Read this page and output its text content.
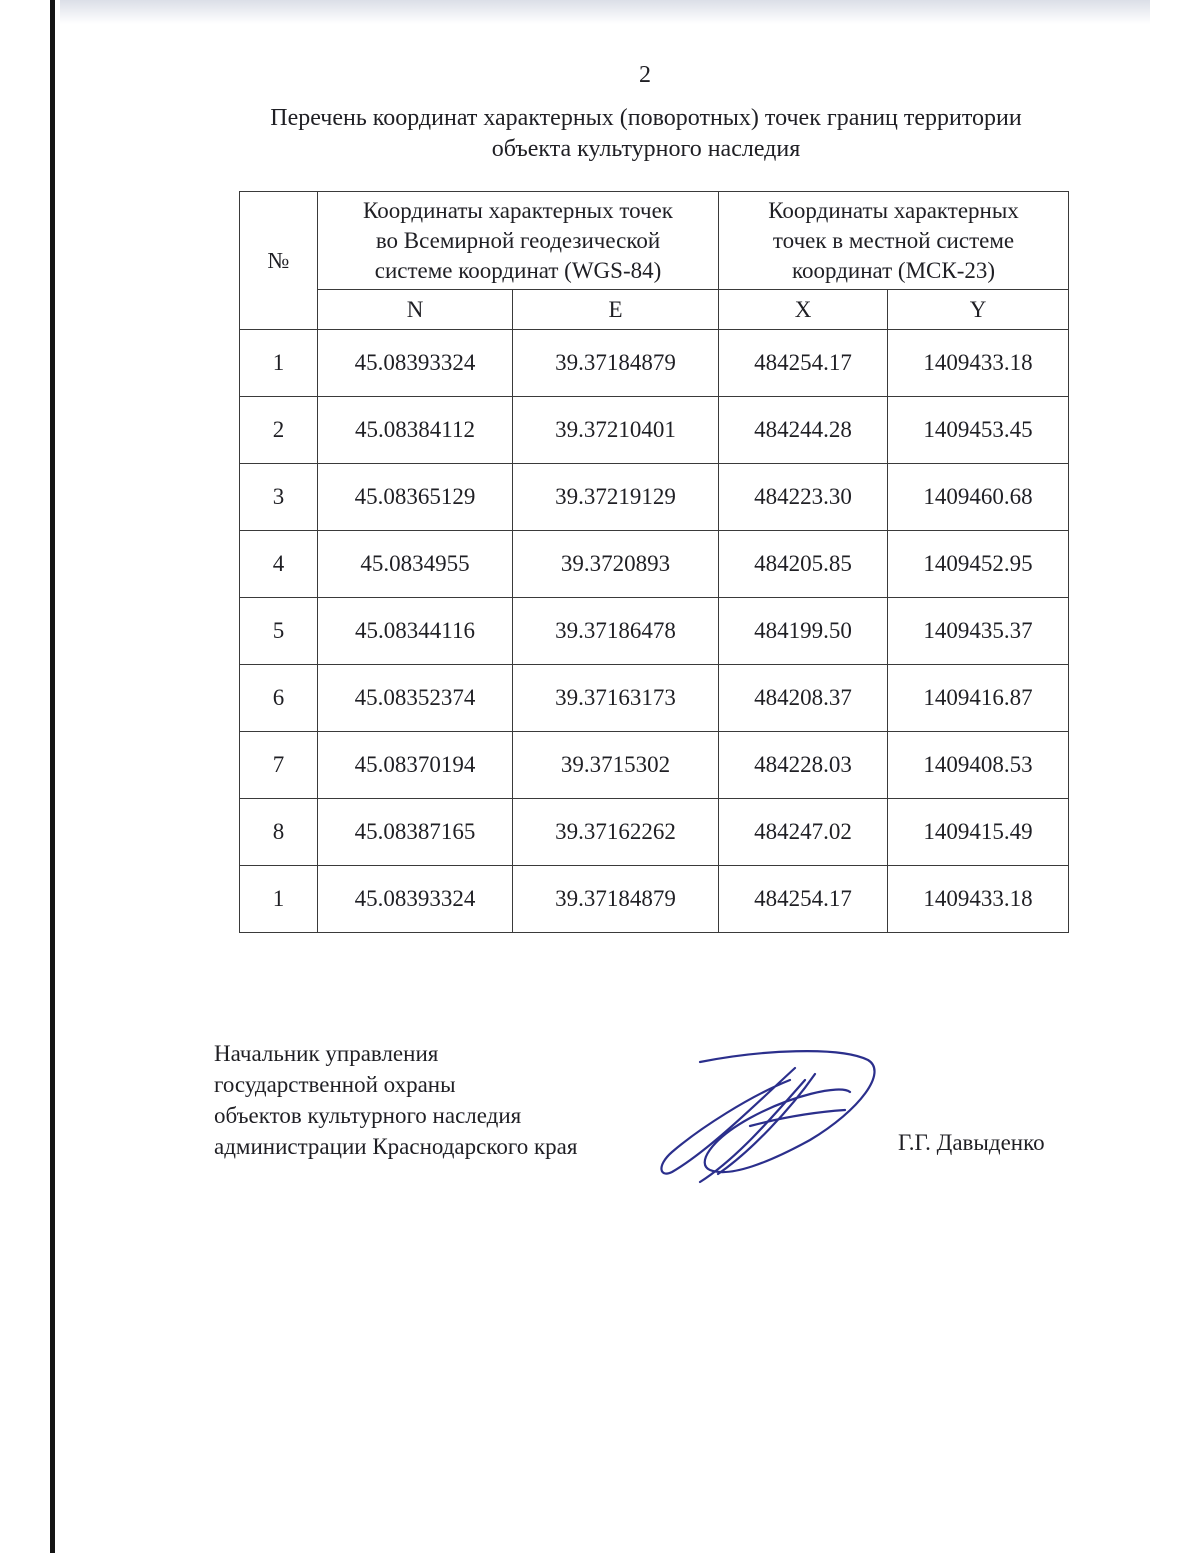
2
Перечень координат характерных (поворотных) точек границ территории
объекта культурного наследия
№	Координаты характерных точек
во Всемирной геодезической
системе координат (WGS-84)		Координаты характерных
точек в местной системе
координат (МСК-23)	

	N	E	X	Y
1	45.08393324	39.37184879	484254.17	1409433.18
2	45.08384112	39.37210401	484244.28	1409453.45
3	45.08365129	39.37219129	484223.30	1409460.68
4	45.0834955	39.3720893	484205.85	1409452.95
5	45.08344116	39.37186478	484199.50	1409435.37
6	45.08352374	39.37163173	484208.37	1409416.87
7	45.08370194	39.3715302	484228.03	1409408.53
8	45.08387165	39.37162262	484247.02	1409415.49
1	45.08393324	39.37184879	484254.17	1409433.18
Начальник управления
государственной охраны
объектов культурного наследия
администрации Краснодарского края	Г.Г. Давыденко
